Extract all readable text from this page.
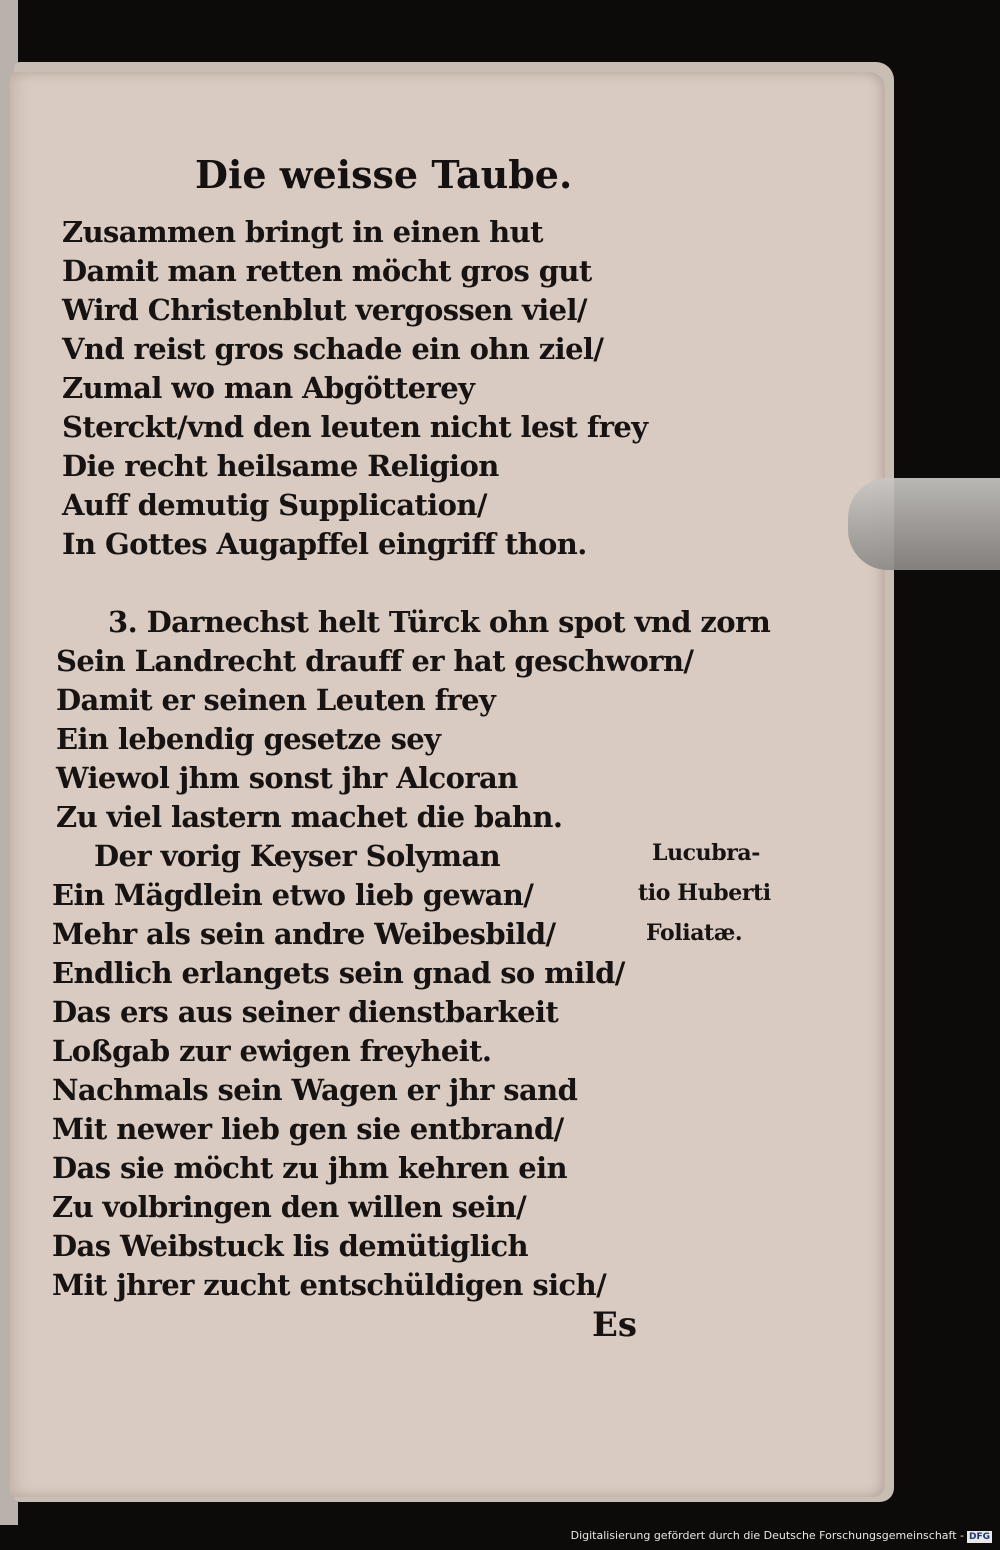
Die weisse Taube.
Zusammen bringt in einen hut
Damit man retten möcht gros gut
Wird Christenblut vergossen viel/
Vnd reist gros schade ein ohn ziel/
Zumal wo man Abgötterey
Sterckt/vnd den leuten nicht lest frey
Die recht heilsame Religion
Auff demutig Supplication/
In Gottes Augapffel eingriff thon.
3. Darnechst helt Türck ohn spot vnd zorn
Sein Landrecht drauff er hat geschworn/
Damit er seinen Leuten frey
Ein lebendig gesetze sey
Wiewol jhm sonst jhr Alcoran
Zu viel lastern machet die bahn.
Der vorig Keyser Solyman
Ein Mägdlein etwo lieb gewan/
Mehr als sein andre Weibesbild/
Endlich erlangets sein gnad so mild/
Das ers aus seiner dienstbarkeit
Loßgab zur ewigen freyheit.
Nachmals sein Wagen er jhr sand
Mit newer lieb gen sie entbrand/
Das sie möcht zu jhm kehren ein
Zu volbringen den willen sein/
Das Weibstuck lis demütiglich
Mit jhrer zucht entschüldigen sich/
Lucubra-
tio Huberti
Foliatæ.
Es
Digitalisierung gefördert durch die Deutsche Forschungsgemeinschaft - DFG
